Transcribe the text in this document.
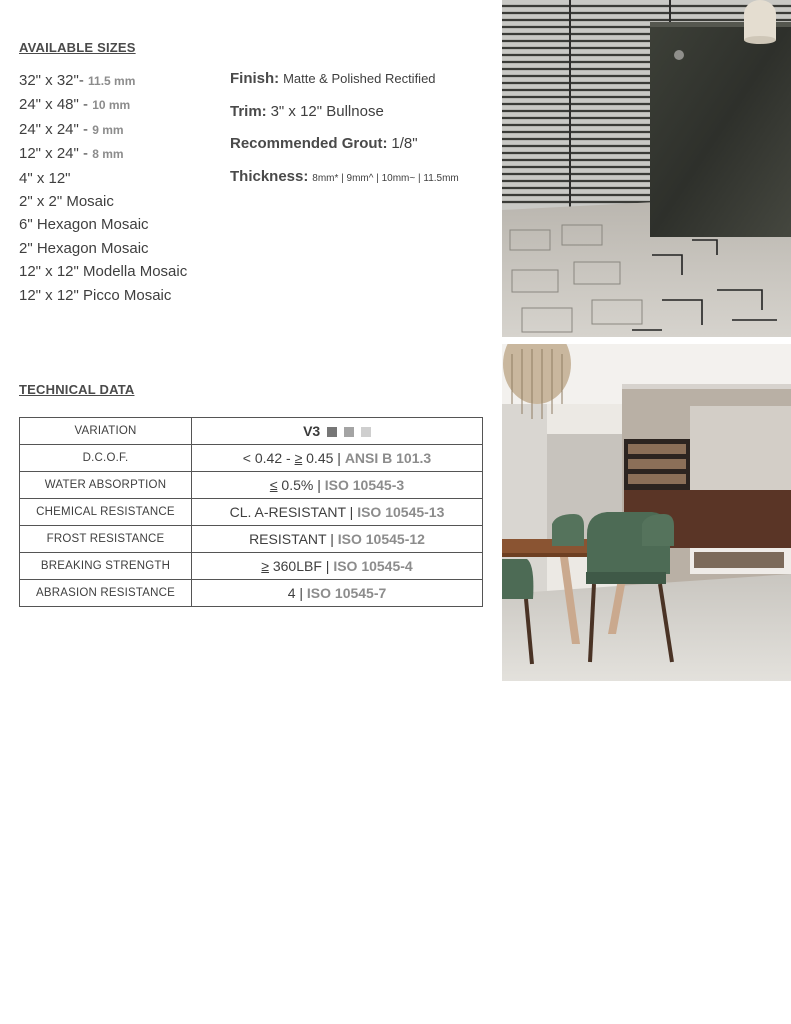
AVAILABLE SIZES
32" x 32"- 11.5 mm
24" x 48" - 10 mm
24" x 24" - 9 mm
12" x 24" - 8 mm
4" x 12"
2" x 2" Mosaic
6" Hexagon Mosaic
2" Hexagon Mosaic
12" x 12" Modella Mosaic
12" x 12" Picco Mosaic
Finish: Matte & Polished Rectified
Trim: 3" x 12" Bullnose
Recommended Grout: 1/8"
Thickness: 8mm* | 9mm^ | 10mm~ | 11.5mm
TECHNICAL DATA
VARIATION	V3
D.C.O.F.	< 0.42 - ≥ 0.45 | ANSI B 101.3
WATER ABSORPTION	≤ 0.5% | ISO 10545-3
CHEMICAL RESISTANCE	CL. A-RESISTANT | ISO 10545-13
FROST RESISTANCE	RESISTANT | ISO 10545-12
BREAKING STRENGTH	≥ 360LBF | ISO 10545-4
ABRASION RESISTANCE	4 | ISO 10545-7
